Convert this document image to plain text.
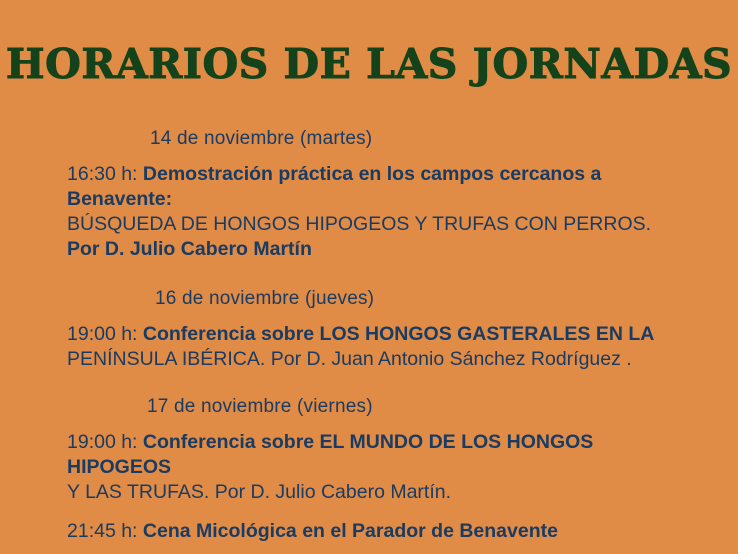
HORARIOS DE LAS JORNADAS
14 de noviembre (martes)
16:30 h: Demostración práctica en los campos cercanos a Benavente:
BÚSQUEDA DE HONGOS HIPOGEOS Y TRUFAS CON PERROS.
Por D. Julio Cabero Martín
16 de noviembre (jueves)
19:00 h: Conferencia sobre LOS HONGOS GASTERALES EN LA
PENÍNSULA IBÉRICA. Por D. Juan Antonio Sánchez Rodríguez .
17 de noviembre (viernes)
19:00 h: Conferencia sobre EL MUNDO DE LOS HONGOS HIPOGEOS
Y LAS TRUFAS. Por D. Julio Cabero Martín.
21:45 h: Cena Micológica en el Parador de Benavente
